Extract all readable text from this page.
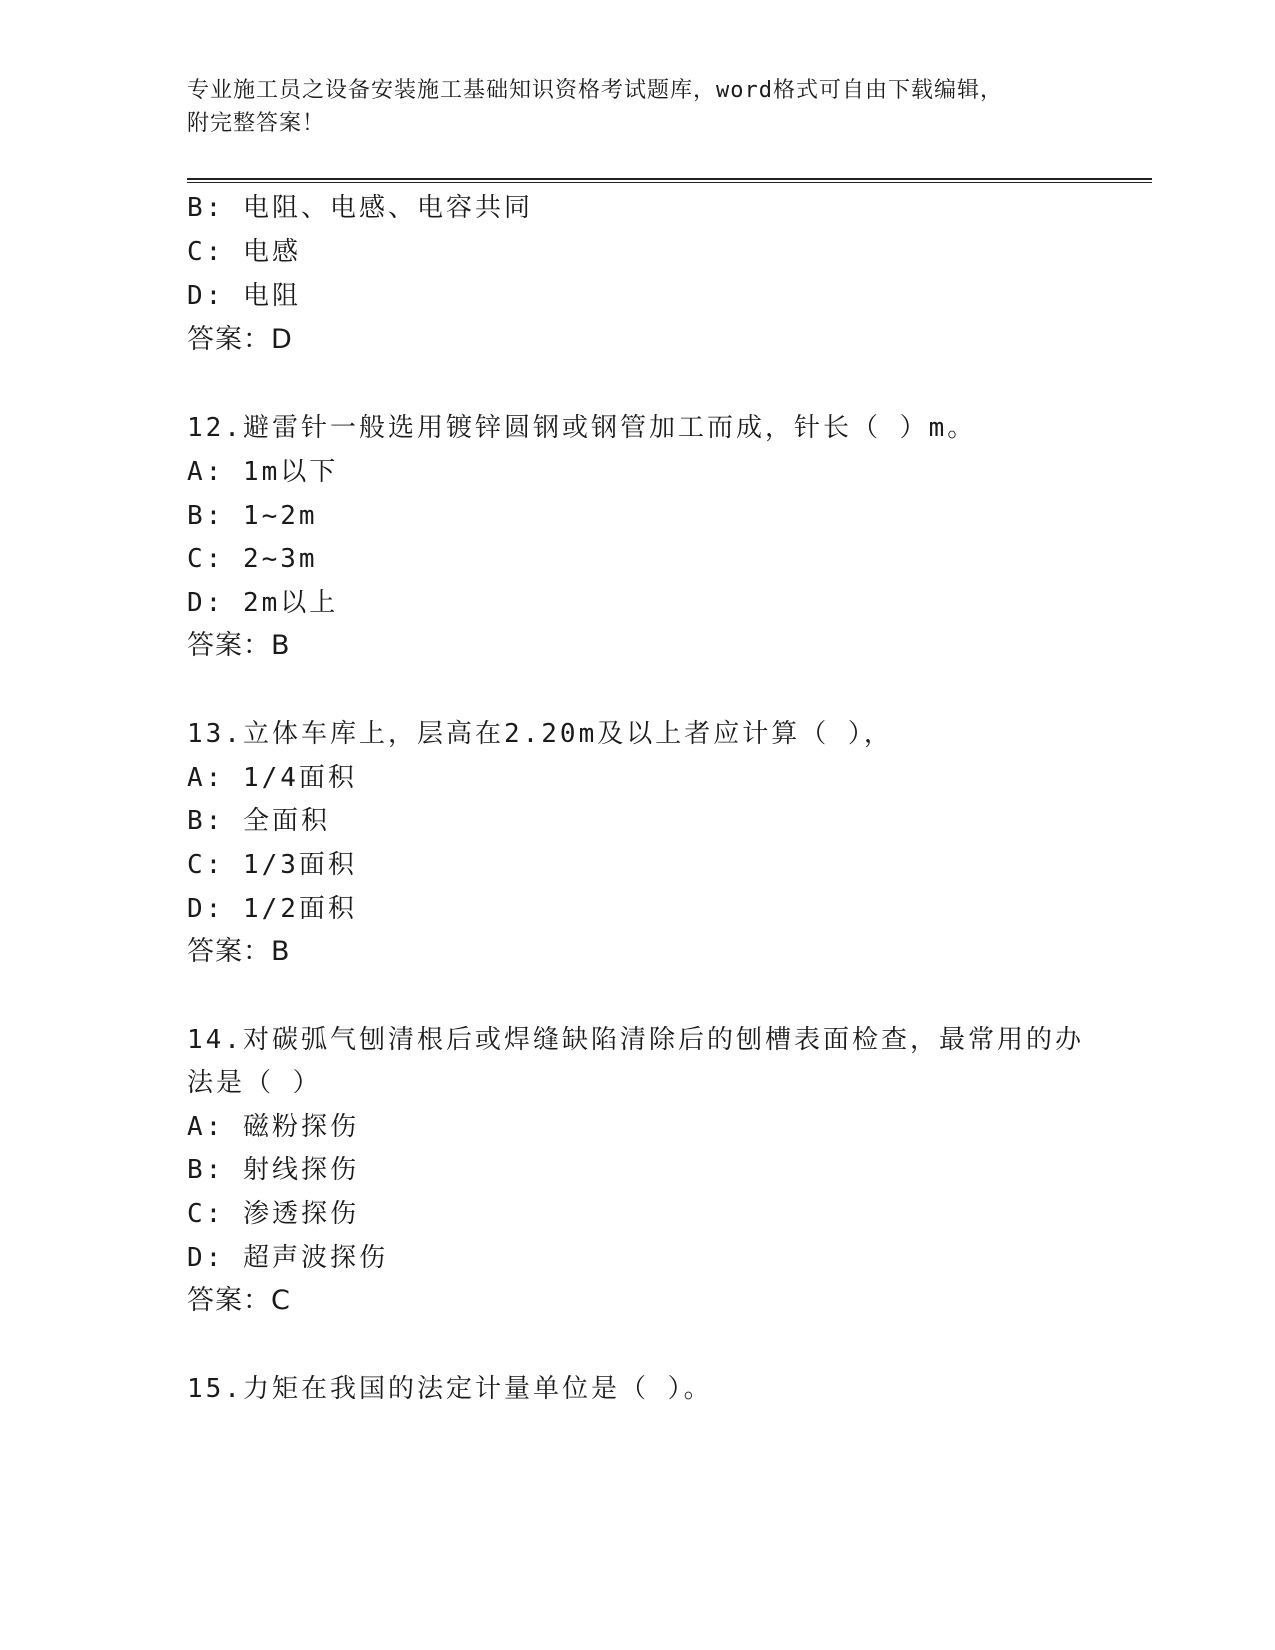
专业施工员之设备安装施工基础知识资格考试题库，word格式可自由下载编辑，
附完整答案！
B: 电阻、电感、电容共同
C: 电感
D: 电阻
答案：D
12.避雷针一般选用镀锌圆钢或钢管加工而成，针长（ ）m。
A: 1m以下
B: 1~2m
C: 2~3m
D: 2m以上
答案：B
13.立体车库上，层高在2.20m及以上者应计算（ ），
A: 1/4面积
B: 全面积
C: 1/3面积
D: 1/2面积
答案：B
14.对碳弧气刨清根后或焊缝缺陷清除后的刨槽表面检查，最常用的办
法是（ ）
A: 磁粉探伤
B: 射线探伤
C: 渗透探伤
D: 超声波探伤
答案：C
15.力矩在我国的法定计量单位是（ ）。
